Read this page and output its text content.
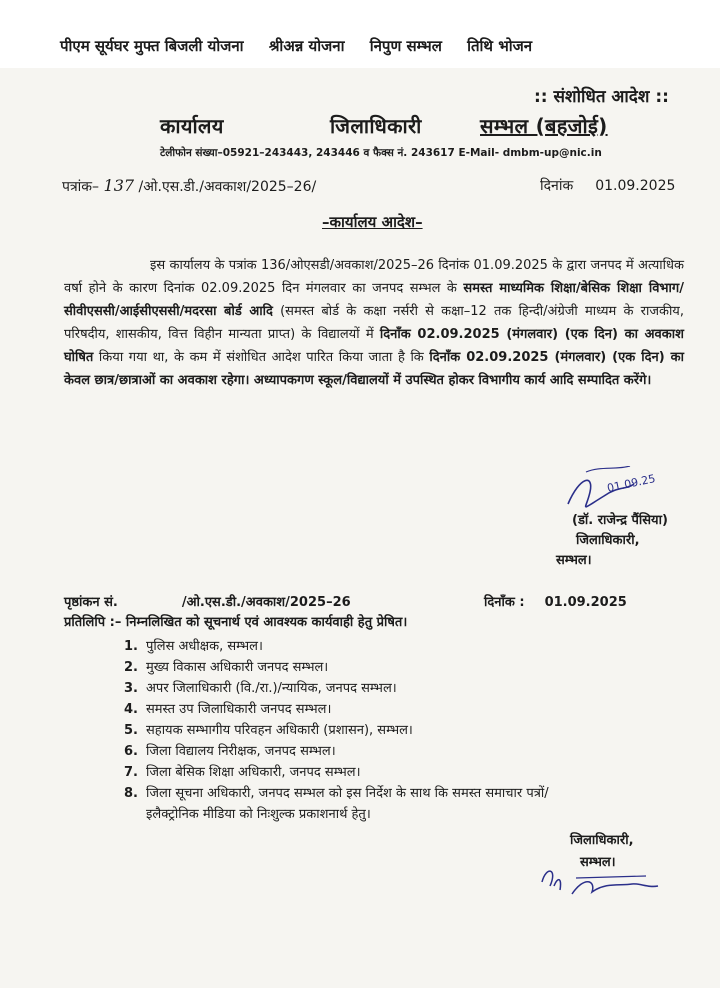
पीएम सूर्यघर मुफ्त बिजली योजना श्रीअन्न योजना निपुण सम्भल तिथि भोजन
:: संशोधित आदेश ::
कार्यालय	जिलाधिकारी	सम्भल (बहजोई)
टेलीफोन संख्या–05921–243443, 243446 व फैक्स नं. 243617 E-Mail- dmbm-up@nic.in
पत्रांक– 137 /ओ.एस.डी./अवकाश/2025–26/	दिनांक 01.09.2025
–कार्यालय आदेश–

इस कार्यालय के पत्रांक 136/ओएसडी/अवकाश/2025–26 दिनांक 01.09.2025 के द्वारा जनपद में अत्याधिक वर्षा होने के कारण दिनांक 02.09.2025 दिन मंगलवार का जनपद सम्भल के समस्त माध्यमिक शिक्षा/बेसिक शिक्षा विभाग/सीवीएससी/आईसीएससी/मदरसा बोर्ड आदि (समस्त बोर्ड के कक्षा नर्सरी से कक्षा–12 तक हिन्दी/अंग्रेजी माध्यम के राजकीय, परिषदीय, शासकीय, वित्त विहीन मान्यता प्राप्त) के विद्यालयों में दिनाँक 02.09.2025 (मंगलवार) (एक दिन) का अवकाश घोषित किया गया था, के कम में संशोधित आदेश पारित किया जाता है कि दिनाँक 02.09.2025 (मंगलवार) (एक दिन) का केवल छात्र/छात्राओं का अवकाश रहेगा। अध्यापकगण स्कूल/विद्यालयों में उपस्थित होकर विभागीय कार्य आदि सम्पादित करेंगे।

01.09.25
(डॉ. राजेन्द्र पैंसिया)
जिलाधिकारी,
सम्भल।
पृष्ठांकन सं.	/ओ.एस.डी./अवकाश/2025–26	दिनाँक : 01.09.2025
प्रतिलिपि :– निम्नलिखित को सूचनार्थ एवं आवश्यक कार्यवाही हेतु प्रेषित।
1. पुलिस अधीक्षक, सम्भल।
2. मुख्य विकास अधिकारी जनपद सम्भल।
3. अपर जिलाधिकारी (वि./रा.)/न्यायिक, जनपद सम्भल।
4. समस्त उप जिलाधिकारी जनपद सम्भल।
5. सहायक सम्भागीय परिवहन अधिकारी (प्रशासन), सम्भल।
6. जिला विद्यालय निरीक्षक, जनपद सम्भल।
7. जिला बेसिक शिक्षा अधिकारी, जनपद सम्भल।
8. जिला सूचना अधिकारी, जनपद सम्भल को इस निर्देश के साथ कि समस्त समाचार पत्रों/
इलैक्ट्रोनिक मीडिया को निःशुल्क प्रकाशनार्थ हेतु।
जिलाधिकारी,
सम्भल।
